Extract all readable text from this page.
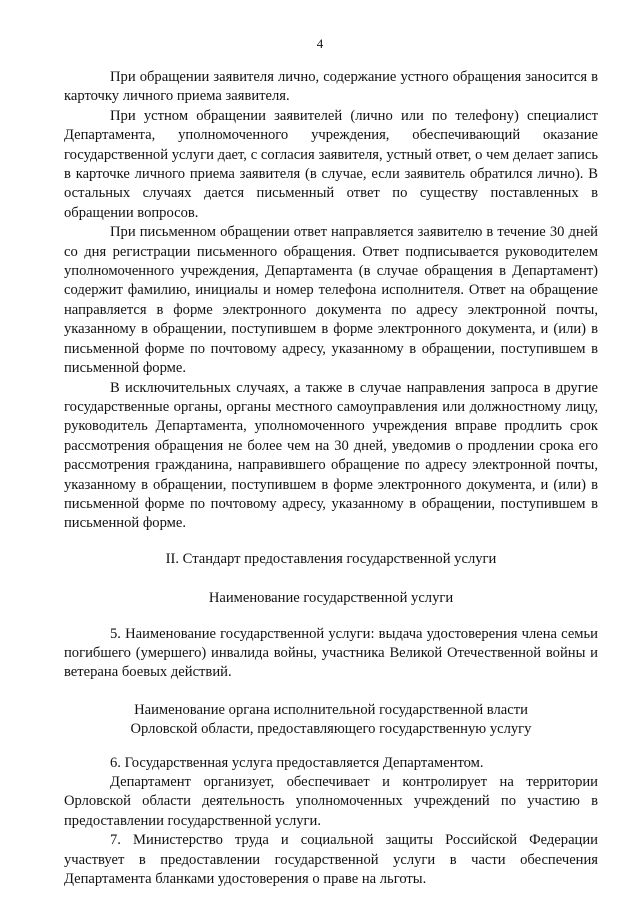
4

При обращении заявителя лично, содержание устного обращения заносится в карточку личного приема заявителя.

При устном обращении заявителей (лично или по телефону) специалист Департамента, уполномоченного учреждения, обеспечивающий оказание государственной услуги дает, с согласия заявителя, устный ответ, о чем делает запись в карточке личного приема заявителя (в случае, если заявитель обратился лично). В остальных случаях дается письменный ответ по существу поставленных в обращении вопросов.

При письменном обращении ответ направляется заявителю в течение 30 дней со дня регистрации письменного обращения. Ответ подписывается руководителем уполномоченного учреждения, Департамента (в случае обращения в Департамент) содержит фамилию, инициалы и номер телефона исполнителя. Ответ на обращение направляется в форме электронного документа по адресу электронной почты, указанному в обращении, поступившем в форме электронного документа, и (или) в письменной форме по почтовому адресу, указанному в обращении, поступившем в письменной форме.

В исключительных случаях, а также в случае направления запроса в другие государственные органы, органы местного самоуправления или должностному лицу, руководитель Департамента, уполномоченного учреждения вправе продлить срок рассмотрения обращения не более чем на 30 дней, уведомив о продлении срока его рассмотрения гражданина, направившего обращение по адресу электронной почты, указанному в обращении, поступившем в форме электронного документа, и (или) в письменной форме по почтовому адресу, указанному в обращении, поступившем в письменной форме.

II. Стандарт предоставления государственной услуги
Наименование государственной услуги

5. Наименование государственной услуги: выдача удостоверения члена семьи погибшего (умершего) инвалида войны, участника Великой Отечественной войны и ветерана боевых действий.

Наименование органа исполнительной государственной власти
Орловской области, предоставляющего государственную услугу

6. Государственная услуга предоставляется Департаментом.

Департамент организует, обеспечивает и контролирует на территории Орловской области деятельность уполномоченных учреждений по участию в предоставлении государственной услуги.

7. Министерство труда и социальной защиты Российской Федерации участвует в предоставлении государственной услуги в части обеспечения Департамента бланками удостоверения о праве на льготы.
